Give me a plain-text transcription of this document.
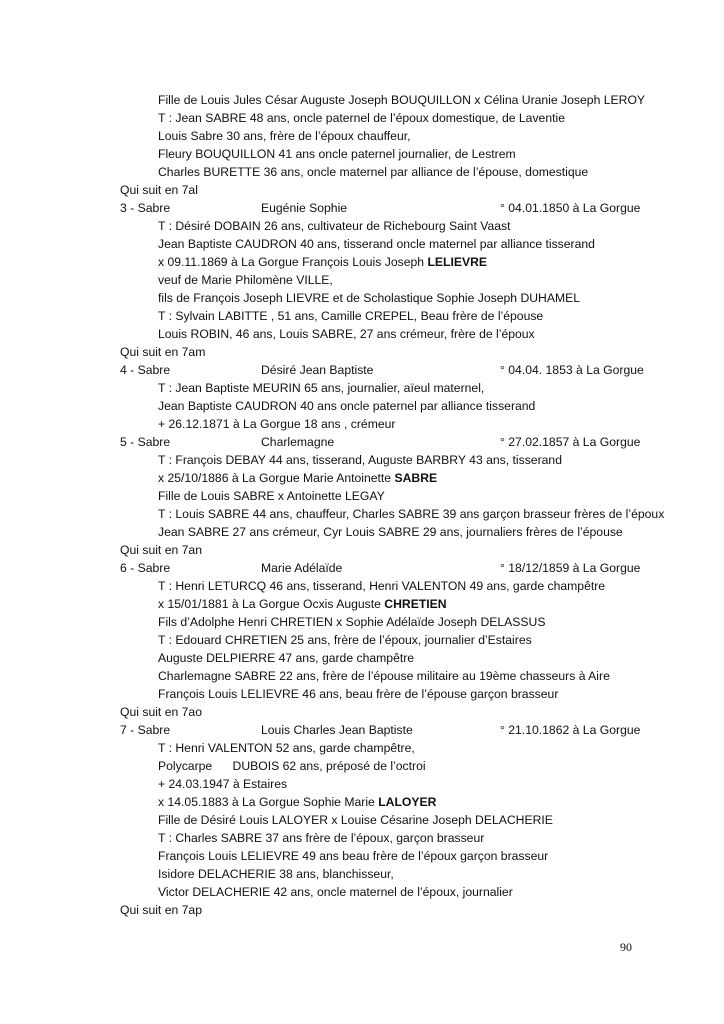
Fille de Louis Jules César Auguste Joseph BOUQUILLON x Célina Uranie Joseph LEROY
T : Jean SABRE 48 ans, oncle paternel de l’époux domestique, de Laventie
Louis Sabre 30 ans, frère de l’époux chauffeur,
Fleury BOUQUILLON 41 ans oncle paternel journalier, de Lestrem
Charles BURETTE 36 ans, oncle maternel par alliance de l’épouse, domestique
Qui suit en 7al
3 - Sabre	Eugénie Sophie	° 04.01.1850 à La Gorgue
T : Désiré DOBAIN 26 ans, cultivateur de Richebourg Saint Vaast
Jean Baptiste CAUDRON 40 ans, tisserand oncle maternel par alliance tisserand
x 09.11.1869 à La Gorgue François Louis Joseph LELIEVRE
veuf de Marie Philomène VILLE,
fils de François Joseph LIEVRE et de Scholastique Sophie Joseph DUHAMEL
T : Sylvain LABITTE , 51 ans, Camille CREPEL, Beau frère de l’épouse
Louis ROBIN, 46 ans, Louis SABRE, 27 ans crémeur, frère de l’époux
Qui suit en 7am
4 - Sabre	Désiré Jean Baptiste	° 04.04. 1853 à La Gorgue
T : Jean Baptiste MEURIN 65 ans, journalier, aïeul maternel,
Jean Baptiste CAUDRON 40 ans oncle paternel par alliance tisserand
+ 26.12.1871 à La Gorgue 18 ans , crémeur
5 - Sabre	Charlemagne	° 27.02.1857 à La Gorgue
T : François DEBAY 44 ans, tisserand, Auguste BARBRY 43 ans, tisserand
x 25/10/1886 à La Gorgue Marie Antoinette SABRE
Fille de Louis SABRE x Antoinette LEGAY
T : Louis SABRE 44 ans, chauffeur, Charles SABRE 39 ans garçon brasseur frères de l’époux
Jean SABRE 27 ans crémeur, Cyr Louis SABRE 29 ans, journaliers frères de l’épouse
Qui suit en 7an
6 - Sabre	Marie Adélaïde	° 18/12/1859 à La Gorgue
T : Henri LETURCQ 46 ans, tisserand, Henri VALENTON 49 ans, garde champêtre
x 15/01/1881 à La Gorgue Ocxis Auguste CHRETIEN
Fils d’Adolphe Henri CHRETIEN x Sophie Adélaïde Joseph DELASSUS
T : Edouard CHRETIEN 25 ans, frère de l’époux, journalier d’Estaires
Auguste DELPIERRE 47 ans, garde champêtre
Charlemagne SABRE 22 ans, frère de l’épouse militaire au 19ème chasseurs à Aire
François Louis LELIEVRE 46 ans, beau frère de l’épouse garçon brasseur
Qui suit en 7ao
7 - Sabre	Louis Charles Jean Baptiste	° 21.10.1862 à La Gorgue
T : Henri VALENTON 52 ans, garde champêtre,
Polycarpe      DUBOIS 62 ans, préposé de l’octroi
+ 24.03.1947 à Estaires
x 14.05.1883 à La Gorgue Sophie Marie LALOYER
Fille de Désiré Louis LALOYER x Louise Césarine Joseph DELACHERIE
T : Charles SABRE 37 ans frère de l’époux, garçon brasseur
François Louis LELIEVRE 49 ans beau frère de l’époux garçon brasseur
Isidore DELACHERIE 38 ans, blanchisseur,
Victor DELACHERIE 42 ans, oncle maternel de l’époux, journalier
Qui suit en 7ap
90
